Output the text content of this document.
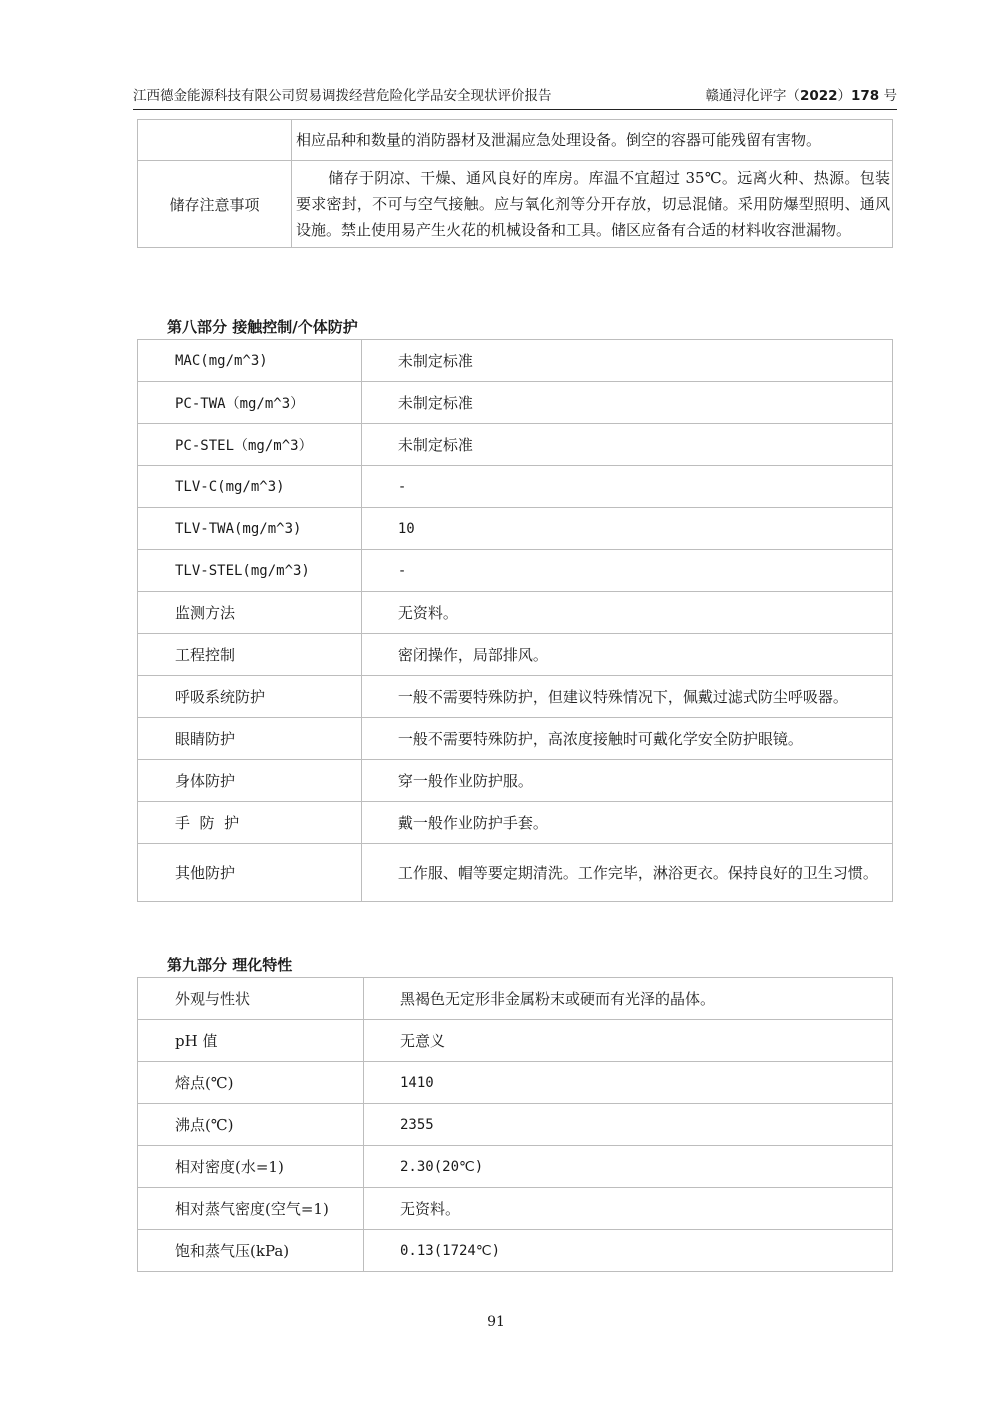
江西德金能源科技有限公司贸易调拨经营危险化学品安全现状评价报告	赣通浔化评字（2022）178 号
	相应品种和数量的消防器材及泄漏应急处理设备。倒空的容器可能残留有害物。
储存注意事项	储存于阴凉、干燥、通风良好的库房。库温不宜超过 35℃。远离火种、热源。包装要求密封，不可与空气接触。应与氧化剂等分开存放，切忌混储。采用防爆型照明、通风设施。禁止使用易产生火花的机械设备和工具。储区应备有合适的材料收容泄漏物。
第八部分 接触控制/个体防护
MAC(mg/m^3)	未制定标准
PC-TWA（mg/m^3）	未制定标准
PC-STEL（mg/m^3）	未制定标准
TLV-C(mg/m^3)	-
TLV-TWA(mg/m^3)	10
TLV-STEL(mg/m^3)	-
监测方法	无资料。
工程控制	密闭操作，局部排风。
呼吸系统防护	一般不需要特殊防护，但建议特殊情况下，佩戴过滤式防尘呼吸器。
眼睛防护	一般不需要特殊防护，高浓度接触时可戴化学安全防护眼镜。
身体防护	穿一般作业防护服。
手  防  护	戴一般作业防护手套。
其他防护	工作服、帽等要定期清洗。工作完毕，淋浴更衣。保持良好的卫生习惯。
第九部分 理化特性
外观与性状	黑褐色无定形非金属粉末或硬而有光泽的晶体。
pH 值	无意义
熔点(℃)	1410
沸点(℃)	2355
相对密度(水=1)	2.30(20℃)
相对蒸气密度(空气=1)	无资料。
饱和蒸气压(kPa)	0.13(1724℃)
91
